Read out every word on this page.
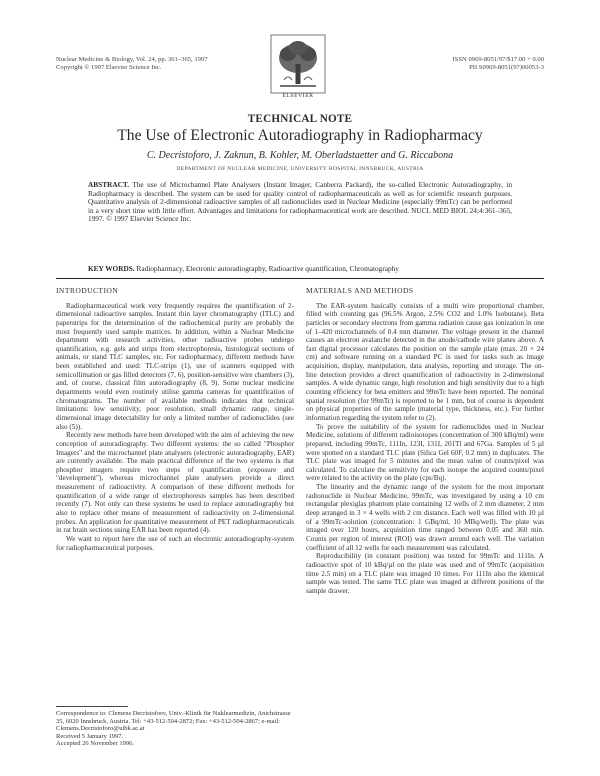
Nuclear Medicine & Biology, Vol. 24, pp. 361–365, 1997
Copyright © 1997 Elsevier Science Inc.
ELSEVIER
ISSN 0969-8051/97/$17.00 + 0.00
PII S0969-8051(97)00053-3
TECHNICAL NOTE
The Use of Electronic Autoradiography in Radiopharmacy
C. Decristoforo, J. Zaknun, B. Kohler, M. Oberladstaetter and G. Riccabona
DEPARTMENT OF NUCLEAR MEDICINE, UNIVERSITY HOSPITAL INNSBRUCK, AUSTRIA
ABSTRACT. The use of Microchannel Plate Analysers (Instant Imager, Canberra Packard), the so-called Electronic Autoradiography, in Radiopharmacy is described. The system can be used for quality control of radiopharmaceuticals as well as for scientific research purposes. Quantitative analysis of 2-dimensional radioactive samples of all radionuclides used in Nuclear Medicine (especially 99mTc) can be performed in a very short time with little effort. Advantages and limitations for radiopharmaceutical work are described. NUCL MED BIOL 24;4:361–365, 1997. © 1997 Elsevier Science Inc.
KEY WORDS. Radiopharmacy, Electronic autoradiography, Radioactive quantification, Chromatography
INTRODUCTION

Radiopharmaceutical work very frequently requires the quantification of 2-dimensional radioactive samples. Instant thin layer chromatography (ITLC) and paperstrips for the determination of the radiochemical purity are probably the most frequently used sample matrices. In addition, within a Nuclear Medicine department with research activities, other radioactive probes undergo quantification, e.g. gels and strips from electrophoresis, histological sections of animals, or stand TLC samples, etc. For radiopharmacy, different methods have been established and used: TLC-strips (1), use of scanners equipped with semicollimation or gas filled detectors (7, 6), position-sensitive wire chambers (3), and, of course, classical film autoradiography (8, 9). Some nuclear medicine departments would even routinely utilise gamma cameras for quantification of chromatograms. The number of available methods indicates that technical limitations: low sensitivity, poor resolution, small dynamic range, single-dimensional image detectability for only a limited number of radionuclides (see also (5)).

Recently new methods have been developed with the aim of achieving the new conception of autoradiography. Two different systems: the so called "Phosphor Imagers" and the microchannel plate analysers (electronic autoradiography, EAR) are currently available. The main practical difference of the two systems is that phosphor imagers require two steps of quantification (exposure and "development"), whereas microchannel plate analysers provide a direct measurement of radioactivity. A comparison of these different methods for quantification of a wide range of electrophoresis samples has been described recently (7). Not only can these systems be used to replace autoradiography but also to replace other means of measurement of radioactivity on 2-dimensional probes. An application for quantitative measurement of PET radiopharmaceuticals in rat brain sections using EAR has been reported (4).

We want to report here the use of such an electronic autoradiography-system for radiopharmaceutical purposes.

Correspondence to: Clemens Decristoforo, Univ.-Klinik für Nuklearmedizin, Anichstrasse 35, 6020 Innsbruck, Austria. Tel: +43-512-504-2872; Fax: +43-512-504-2867; e-mail: Clemens.Decristoforo@uibk.ac.at

Received 5 January 1997.

Accepted 26 November 1996.

MATERIALS AND METHODS

The EAR-system basically consists of a multi wire proportional chamber, filled with counting gas (96.5% Argon, 2.5% CO2 and 1.0% Isobutane). Beta particles or secondary electrons from gamma radiation cause gas ionization in one of 1–420 microchannels of 0.4 mm diameter. The voltage present in the channel causes an electron avalanche detected in the anode/cathode wire planes above. A fast digital processor calculates the position on the sample plate (max. 20 × 24 cm) and software running on a standard PC is used for tasks such as image acquisition, display, manipulation, data analysis, reporting and storage. The on-line detection provides a direct quantification of radioactivity in 2-dimensional samples. A wide dynamic range, high resolution and high sensitivity due to a high counting efficiency for beta emitters and 99mTc have been reported. The nominal spatial resolution (for 99mTc) is reported to be 1 mm, but of course is dependent on physical properties of the sample (material type, thickness, etc.). For further information regarding the system refer to (2).

To prove the suitability of the system for radionuclides used in Nuclear Medicine, solutions of different radioisotopes (concentration of 300 kBq/ml) were prepared, including 99mTc, 111In, 123I, 131I, 201Tl and 67Ga. Samples of 5 µl were spotted on a standard TLC plate (Silica Gel 60F, 0.2 mm) in duplicates. The TLC plate was imaged for 5 minutes and the mean value of counts/pixel was calculated. To calculate the sensitivity for each isotope the acquired counts/pixel were related to the activity on the plate (cps/Bq).

The linearity and the dynamic range of the system for the most important radionuclide in Nuclear Medicine, 99mTc, was investigated by using a 10 cm rectangular plexiglas phantom plate containing 12 wells of 2 mm diameter, 2 mm deep arranged in 3 × 4 wells with 2 cm distance. Each well was filled with 10 µl of a 99mTc-solution (concentration: 1 GBq/ml, 10 MBq/well). The plate was imaged over 120 hours, acquisition time ranged between 0.05 and 360 min. Counts per region of interest (ROI) was drawn around each well. The variation coefficient of all 12 wells for each measurement was calculated.

Reproducibility (in constant position) was tested for 99mTc and 111In. A radioactive spot of 10 kBq/µl on the plate was used and of 99mTc (acquisition time 2.5 min) on a TLC plate was imaged 10 times. For 111In also the identical sample was tested. The same TLC plate was imaged at different positions of the sample drawer.
